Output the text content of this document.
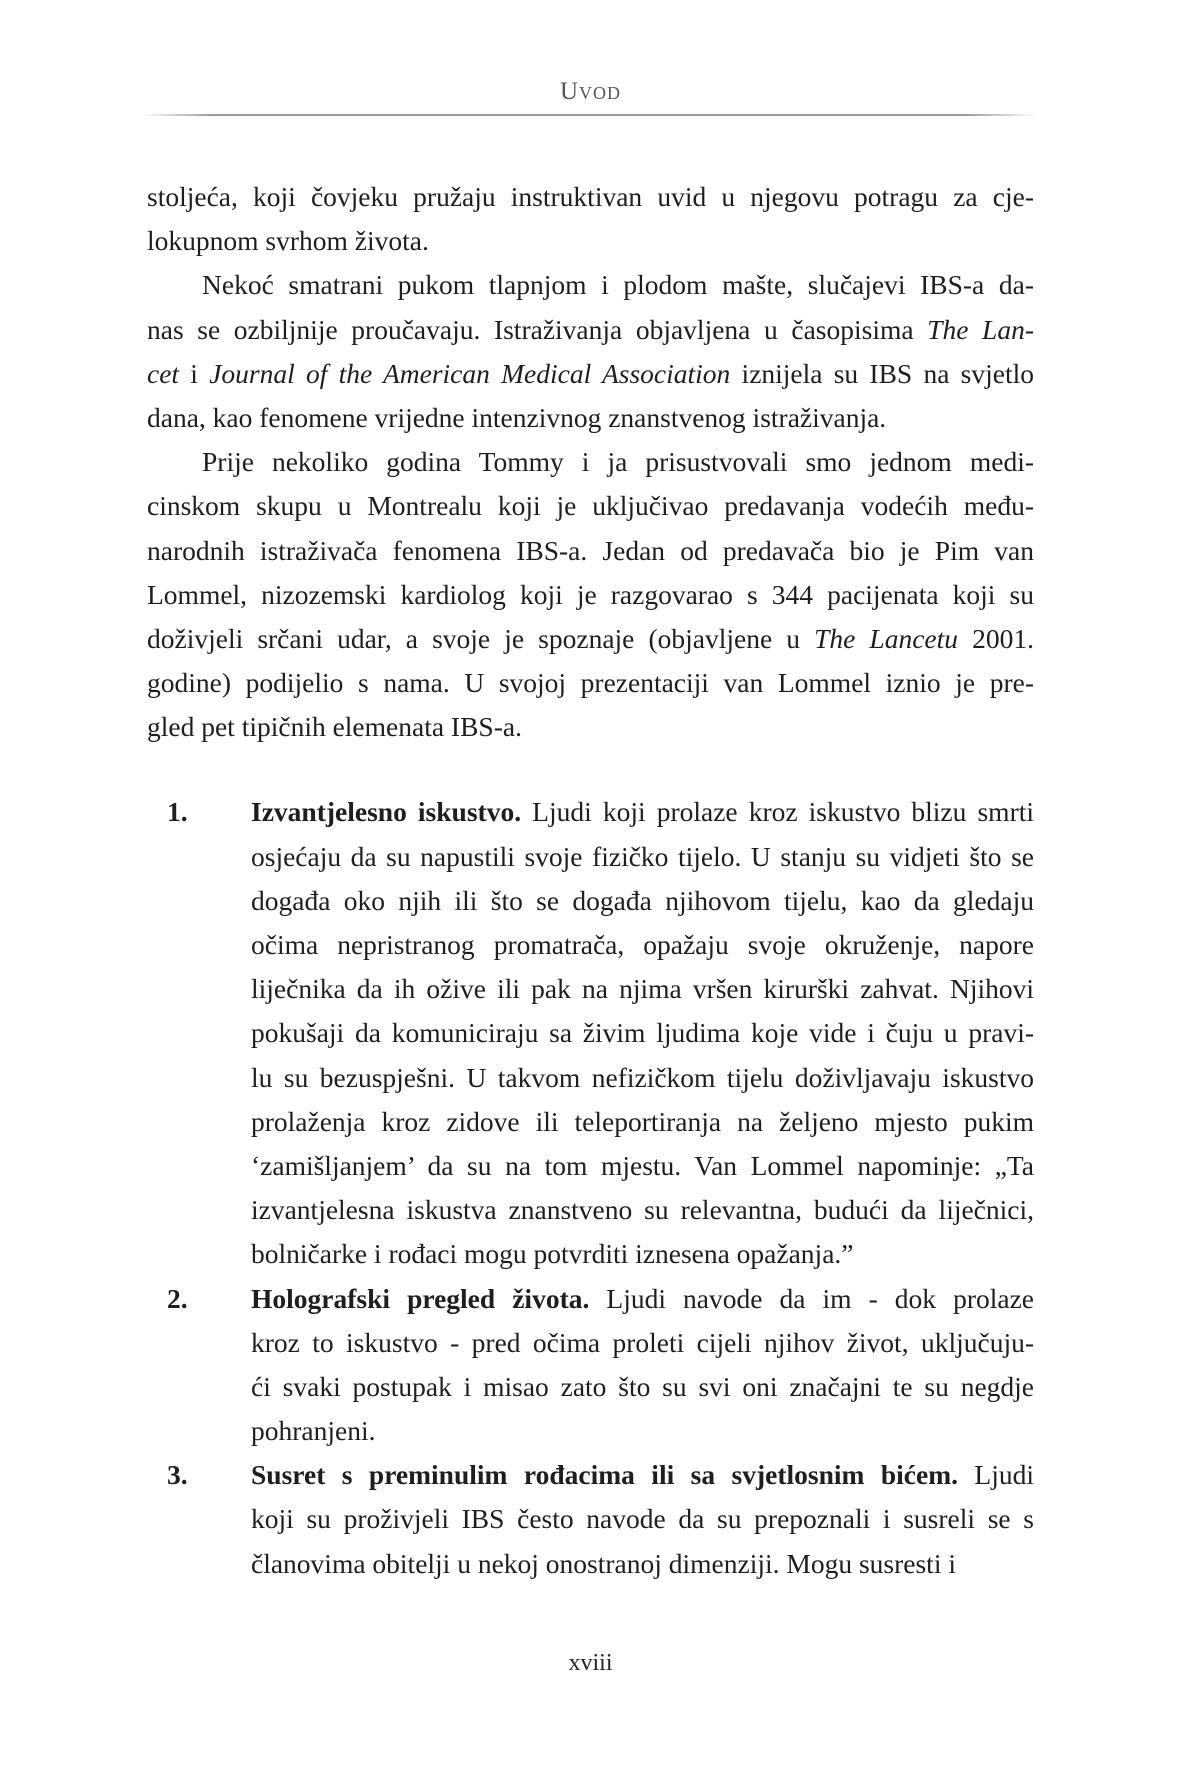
Uvod
stoljeća, koji čovjeku pružaju instruktivan uvid u njegovu potragu za cje-
lokupnom svrhom života.
Nekoć smatrani pukom tlapnjom i plodom mašte, slučajevi IBS-a da-
nas se ozbiljnije proučavaju. Istraživanja objavljena u časopisima The Lan-
cet i Journal of the American Medical Association iznijela su IBS na svjetlo
dana, kao fenomene vrijedne intenzivnog znanstvenog istraživanja.
Prije nekoliko godina Tommy i ja prisustvovali smo jednom medi-
cinskom skupu u Montrealu koji je uključivao predavanja vodećih među-
narodnih istraživača fenomena IBS-a. Jedan od predavača bio je Pim van
Lommel, nizozemski kardiolog koji je razgovarao s 344 pacijenata koji su
doživjeli srčani udar, a svoje je spoznaje (objavljene u The Lancetu 2001.
godine) podijelio s nama. U svojoj prezentaciji van Lommel iznio je pre-
gled pet tipičnih elemenata IBS-a.
1.	Izvantjelesno iskustvo. Ljudi koji prolaze kroz iskustvo blizu smrti
osjećaju da su napustili svoje fizičko tijelo. U stanju su vidjeti što se
događa oko njih ili što se događa njihovom tijelu, kao da gledaju
očima nepristranog promatrača, opažaju svoje okruženje, napore
liječnika da ih ožive ili pak na njima vršen kirurški zahvat. Njihovi
pokušaji da komuniciraju sa živim ljudima koje vide i čuju u pravi-
lu su bezuspješni. U takvom nefizičkom tijelu doživljavaju iskustvo
prolaženja kroz zidove ili teleportiranja na željeno mjesto pukim
‘zamišljanjem’ da su na tom mjestu. Van Lommel napominje: „Ta
izvantjelesna iskustva znanstveno su relevantna, budući da liječnici,
bolničarke i rođaci mogu potvrditi iznesena opažanja.”
2.	Holografski pregled života. Ljudi navode da im - dok prolaze
kroz to iskustvo - pred očima proleti cijeli njihov život, uključuju-
ći svaki postupak i misao zato što su svi oni značajni te su negdje
pohranjeni.
3.	Susret s preminulim rođacima ili sa svjetlosnim bićem. Ljudi
koji su proživjeli IBS često navode da su prepoznali i susreli se s
članovima obitelji u nekoj onostranoj dimenziji. Mogu susresti i
xviii
